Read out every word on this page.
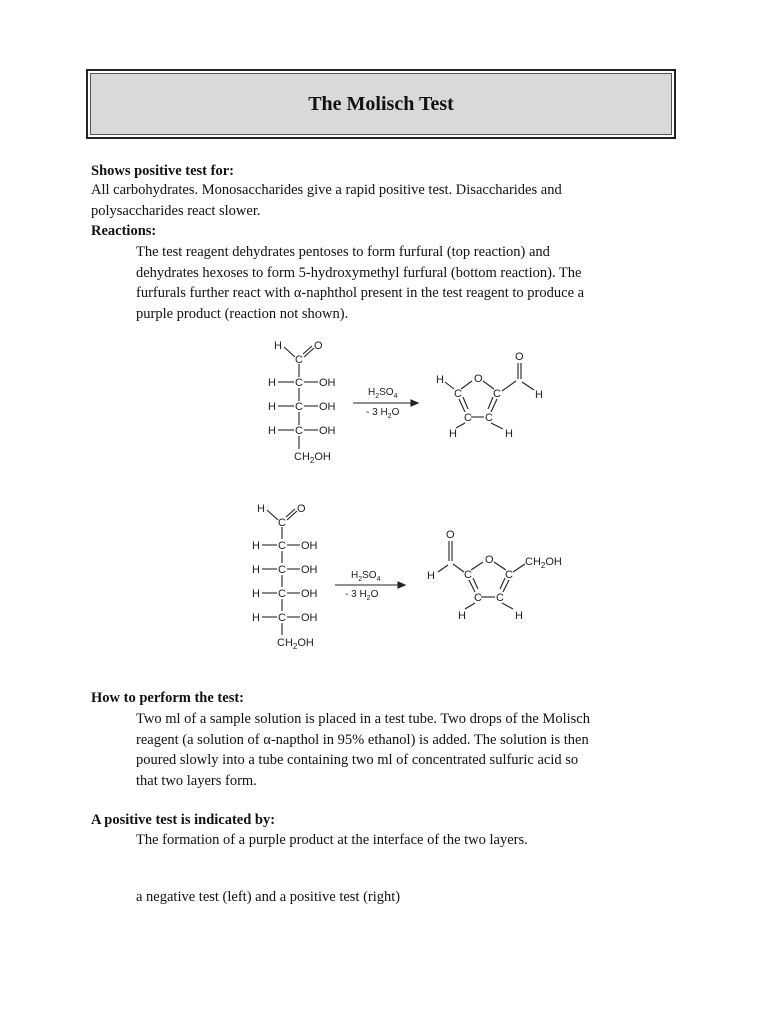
The Molisch Test
Shows positive test for:
All carbohydrates. Monosaccharides give a rapid positive test. Disaccharides and
polysaccharides react slower.
Reactions:
The test reagent dehydrates pentoses to form furfural (top reaction) and
dehydrates hexoses to form 5-hydroxymethyl furfural (bottom reaction). The
furfurals further react with α-naphthol present in the test reagent to produce a
purple product (reaction not shown).
H	O
C
H C OH
H C OH
H C OH
$CH_2OH$
$H_2SO_4$
- 3 $H_2O$
O
C	C
C C
H
H	H
O
H
H	O
C
H C OH
H C OH
H C OH
H C OH
$CH_2OH$
$H_2SO_4$
- 3 $H_2O$
O
C	C
C C
H	H
O
H
$CH_2OH$
How to perform the test:
Two ml of a sample solution is placed in a test tube. Two drops of the Molisch
reagent (a solution of α-napthol in 95% ethanol) is added. The solution is then
poured slowly into a tube containing two ml of concentrated sulfuric acid so
that two layers form.
A positive test is indicated by:
The formation of a purple product at the interface of the two layers.
a negative test (left) and a positive test (right)
